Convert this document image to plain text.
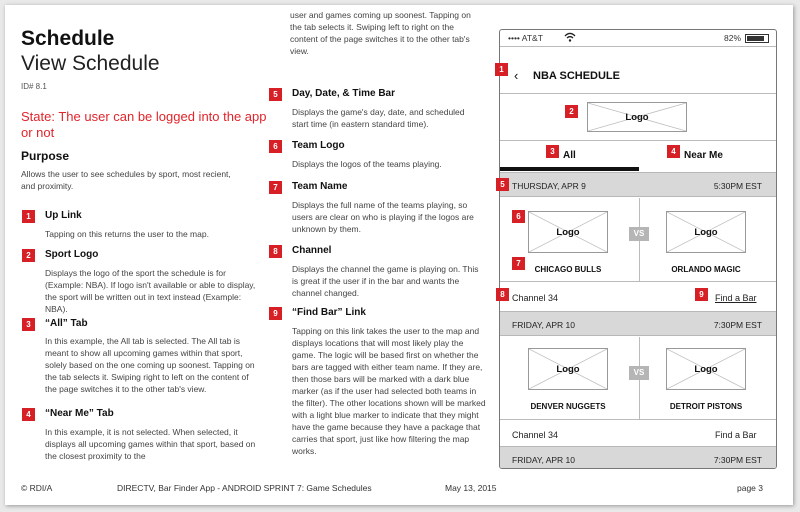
Schedule
View Schedule
ID# 8.1
State: The user can be logged into the app or not
Purpose
Allows the user to see schedules by sport, most recient, and proximity.
1	Up Link
Tapping on this returns the user to the map.
2	Sport Logo
Displays the logo of the sport the schedule is for (Example: NBA). If logo isn't available or able to display, the sport will be written out in text instead (Example: NBA).
3	“All” Tab
In this example, the All tab is selected. The All tab is meant to show all upcoming games within that sport, solely based on the one coming up soonest. Tapping on the tab selects it. Swiping right to left on the content of the page switches it to the other tab's view.
4	“Near Me” Tab
In this example, it is not selected. When selected, it displays all upcoming games within that sport, based on the closest proximity to the
user and games coming up soonest. Tapping on the tab selects it. Swiping left to right on the content of the page switches it to the other tab's view.
5	Day, Date, & Time Bar
Displays the game's day, date, and scheduled start time (in eastern standard time).
6	Team Logo
Displays the logos of the teams playing.
7	Team Name
Displays the full name of the teams playing, so users are clear on who is playing if the logos are unknown by them.
8	Channel
Displays the channel the game is playing on. This is great if the user if in the bar and wants the channel changed.
9	“Find Bar” Link
Tapping on this link takes the user to the map and displays locations that will most likely play the game. The logic will be based first on whether the bars are tagged with either team name. If they are, then those bars will be marked with a dark blue marker (as if the user had selected both teams in the filter). The other locations shown will be marked with a light blue marker to indicate that they might have the game because they have a package that carries that sport, just like how filtering the map works.
© RDI/A	DIRECTV, Bar Finder App - ANDROID SPRINT 7: Game Schedules	May 13, 2015	page 3
•••• AT&T	82%
‹ NBA SCHEDULE
Logo
All	Near Me
THURSDAY, APR 9	5:30PM EST
Logo	VS	Logo
CHICAGO BULLS	ORLANDO MAGIC
Channel 34	Find a Bar
FRIDAY, APR 10	7:30PM EST
Logo	VS	Logo
DENVER NUGGETS	DETROIT PISTONS
Channel 34	Find a Bar
FRIDAY, APR 10	7:30PM EST
1
2
3	4
5
6
7
8	9
